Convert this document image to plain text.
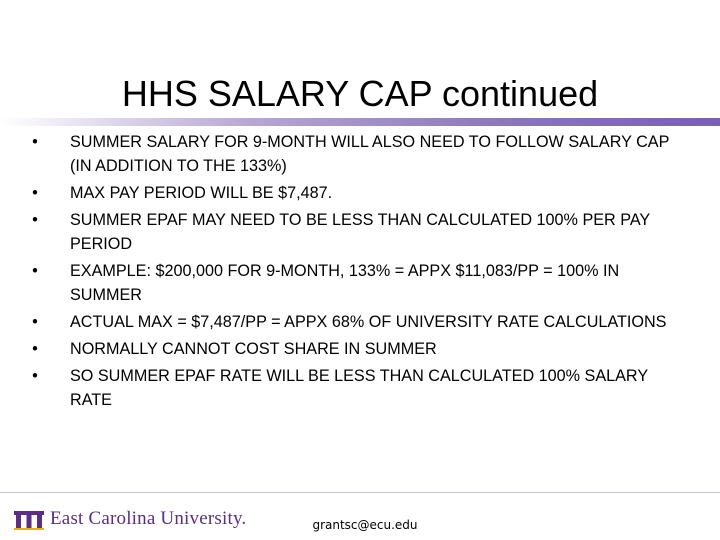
HHS SALARY CAP continued
• SUMMER SALARY FOR 9-MONTH WILL ALSO NEED TO FOLLOW SALARY CAP (IN ADDITION TO THE 133%)
• MAX PAY PERIOD WILL BE $7,487.
• SUMMER EPAF MAY NEED TO BE LESS THAN CALCULATED 100% PER PAY PERIOD
• EXAMPLE: $200,000 FOR 9-MONTH, 133% = APPX $11,083/PP = 100% IN SUMMER
• ACTUAL MAX = $7,487/PP = APPX 68% OF UNIVERSITY RATE CALCULATIONS
• NORMALLY CANNOT COST SHARE IN SUMMER
• SO SUMMER EPAF RATE WILL BE LESS THAN CALCULATED 100% SALARY RATE
East Carolina University.	grantsc@ecu.edu
